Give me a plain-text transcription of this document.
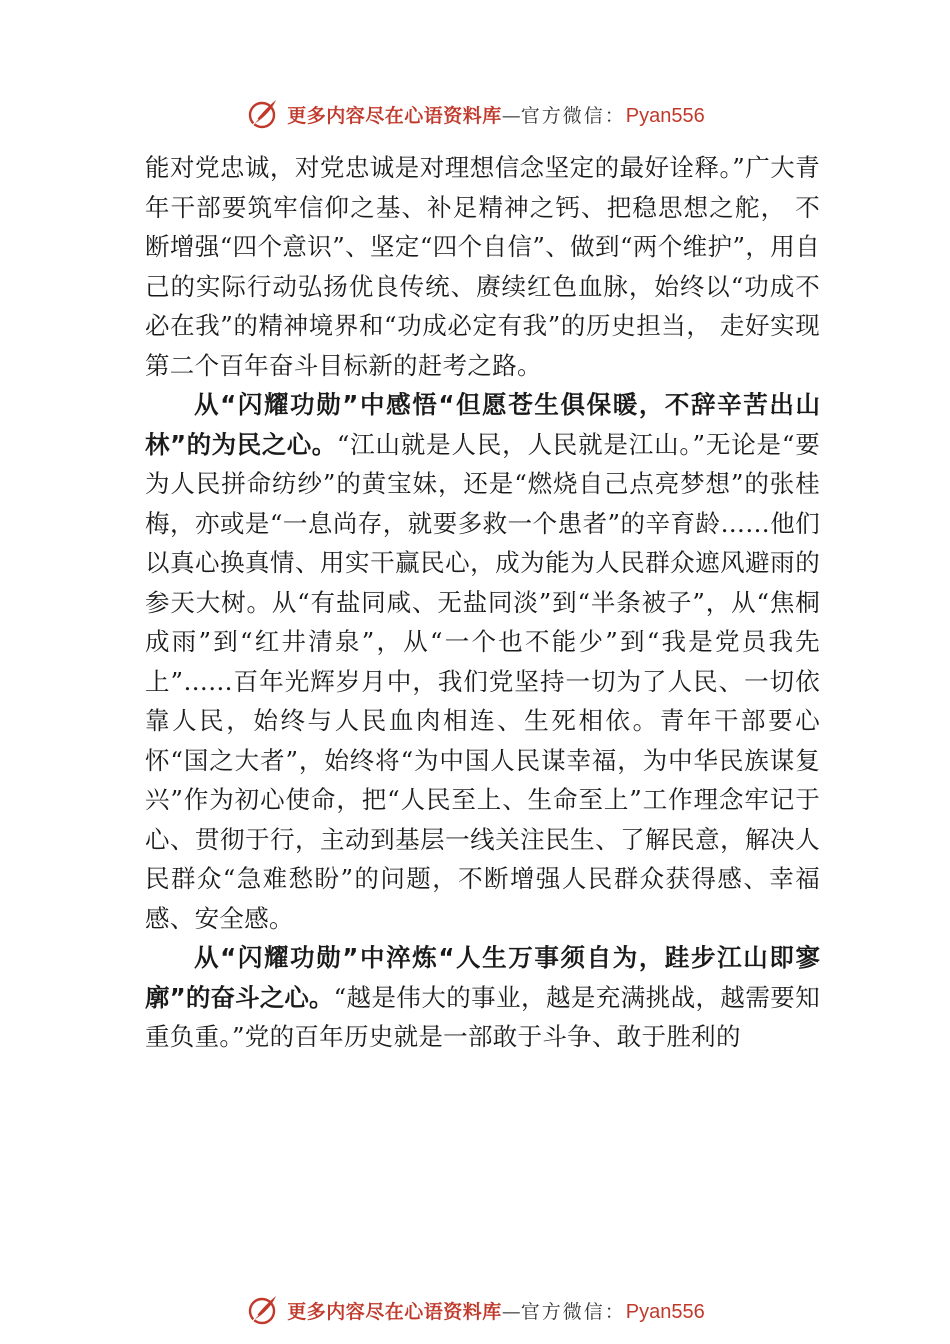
更多内容尽在心语资料库 — 官方微信： Pyan556

能对党忠诚，对党忠诚是对理想信念坚定的最好诠释。”广大青年干部要筑牢信仰之基、补足精神之钙、把稳思想之舵， 不断增强“四个意识”、坚定“四个自信”、做到“两个维护”，用自己的实际行动弘扬优良传统、赓续红色血脉，始终以“功成不必在我”的精神境界和“功成必定有我”的历史担当， 走好实现第二个百年奋斗目标新的赶考之路。

从“闪耀功勋”中感悟“但愿苍生俱保暖，不辞辛苦出山林”的为民之心。“江山就是人民，人民就是江山。”无论是“要为人民拼命纺纱”的黄宝妹，还是“燃烧自己点亮梦想”的张桂梅，亦或是“一息尚存，就要多救一个患者”的辛育龄……他们以真心换真情、用实干赢民心，成为能为人民群众遮风避雨的参天大树。从“有盐同咸、无盐同淡”到“半条被子”，从“焦桐成雨”到“红井清泉”，从“一个也不能少”到“我是党员我先上”……百年光辉岁月中，我们党坚持一切为了人民、一切依靠人民，始终与人民血肉相连、生死相依。青年干部要心怀“国之大者”，始终将“为中国人民谋幸福，为中华民族谋复兴”作为初心使命，把“人民至上、生命至上”工作理念牢记于心、贯彻于行，主动到基层一线关注民生、了解民意，解决人民群众“急难愁盼”的问题，不断增强人民群众获得感、幸福感、安全感。

从“闪耀功勋”中淬炼“人生万事须自为，跬步江山即寥廓”的奋斗之心。“越是伟大的事业，越是充满挑战，越需要知重负重。”党的百年历史就是一部敢于斗争、敢于胜利的

更多内容尽在心语资料库 — 官方微信： Pyan556
